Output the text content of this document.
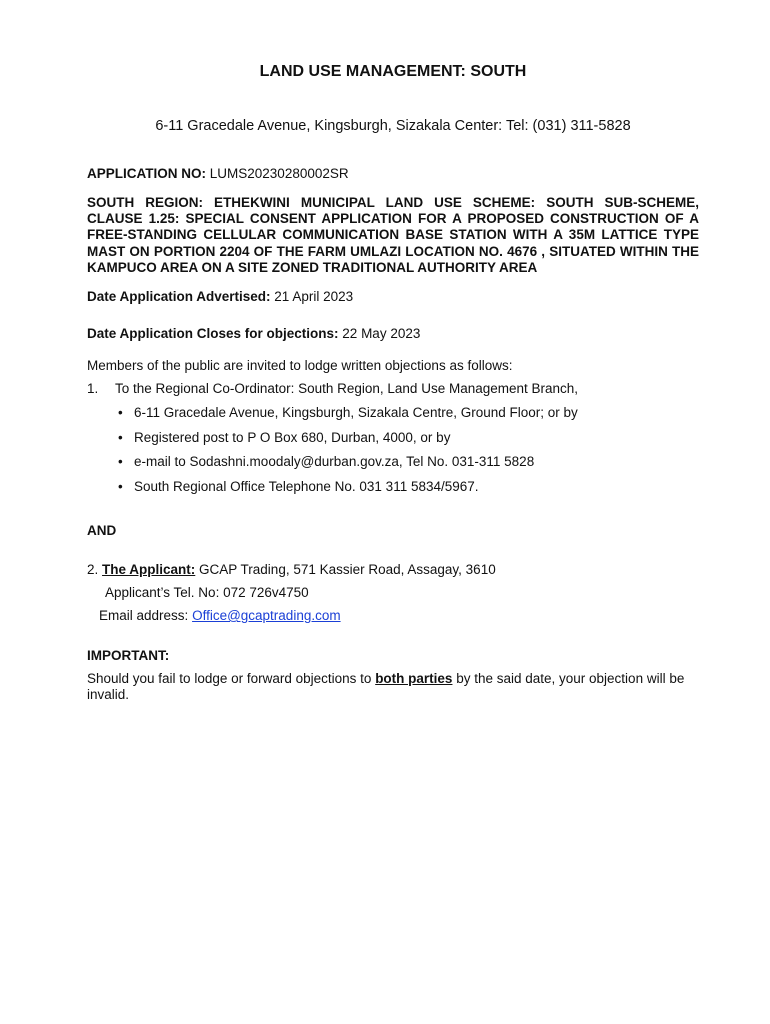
LAND USE MANAGEMENT: SOUTH
6-11 Gracedale Avenue, Kingsburgh, Sizakala Center: Tel: (031) 311-5828
APPLICATION NO: LUMS20230280002SR
SOUTH REGION: ETHEKWINI MUNICIPAL LAND USE SCHEME: SOUTH SUB-SCHEME, CLAUSE 1.25: SPECIAL CONSENT APPLICATION FOR A PROPOSED CONSTRUCTION OF A FREE-STANDING CELLULAR COMMUNICATION BASE STATION WITH A 35M LATTICE TYPE MAST ON PORTION 2204 OF THE FARM UMLAZI LOCATION NO. 4676 , SITUATED WITHIN THE KAMPUCO AREA ON A SITE ZONED TRADITIONAL AUTHORITY AREA
Date Application Advertised: 21 April 2023
Date Application Closes for objections: 22 May 2023
Members of the public are invited to lodge written objections as follows:
1. To the Regional Co-Ordinator: South Region, Land Use Management Branch,
• 6-11 Gracedale Avenue, Kingsburgh, Sizakala Centre, Ground Floor; or by
• Registered post to P O Box 680, Durban, 4000, or by
• e-mail to Sodashni.moodaly@durban.gov.za, Tel No. 031-311 5828
• South Regional Office Telephone No. 031 311 5834/5967.
AND
2. The Applicant: GCAP Trading, 571 Kassier Road, Assagay, 3610
Applicant’s Tel. No: 072 726v4750
Email address: Office@gcaptrading.com
IMPORTANT:
Should you fail to lodge or forward objections to both parties by the said date, your objection will be invalid.
